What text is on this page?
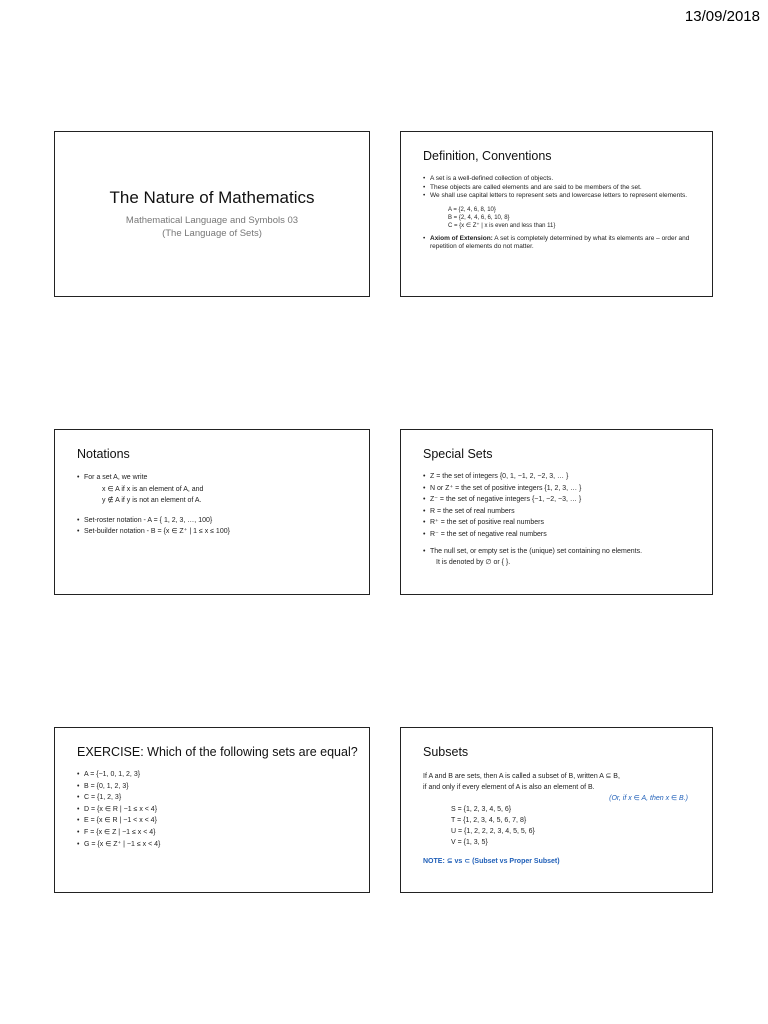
13/09/2018
The Nature of Mathematics
Mathematical Language and Symbols 03
(The Language of Sets)
Definition, Conventions
• A set is a well-defined collection of objects.
• These objects are called elements and are said to be members of the set.
• We shall use capital letters to represent sets and lowercase letters to represent elements.
A = {2, 4, 6, 8, 10}
B = {2, 4, 4, 6, 6, 10, 8}
C = {x ∈ Z⁺ | x is even and less than 11}
• Axiom of Extension: A set is completely determined by what its elements are – order and repetition of elements do not matter.
Notations
• For a set A, we write
x ∈ A if x is an element of A, and
y ∉ A if y is not an element of A.
• Set-roster notation - A = { 1, 2, 3, …, 100}
• Set-builder notation - B = {x ∈ Z⁺ | 1 ≤ x ≤ 100}
Special Sets
• Z = the set of integers {0, 1, −1, 2, −2, 3, … }
• N or Z⁺ = the set of positive integers {1, 2, 3, … }
• Z⁻ = the set of negative integers {−1, −2, −3, … }
• R = the set of real numbers
• R⁺ = the set of positive real numbers
• R⁻ = the set of negative real numbers
• The null set, or empty set is the (unique) set containing no elements.
It is denoted by ∅ or { }.
EXERCISE: Which of the following sets are equal?
• A = {−1, 0, 1, 2, 3}
• B = {0, 1, 2, 3}
• C = {1, 2, 3}
• D = {x ∈ R | −1 ≤ x < 4}
• E = {x ∈ R | −1 < x < 4}
• F = {x ∈ Z | −1 ≤ x < 4}
• G = {x ∈ Z⁺ | −1 ≤ x < 4}
Subsets
If A and B are sets, then A is called a subset of B, written A ⊆ B,
if and only if every element of A is also an element of B.
(Or, if x ∈ A, then x ∈ B.)
S = {1, 2, 3, 4, 5, 6}
T = {1, 2, 3, 4, 5, 6, 7, 8}
U = {1, 2, 2, 2, 3, 4, 5, 5, 6}
V = {1, 3, 5}
NOTE: ⊆ vs ⊂ (Subset vs Proper Subset)
